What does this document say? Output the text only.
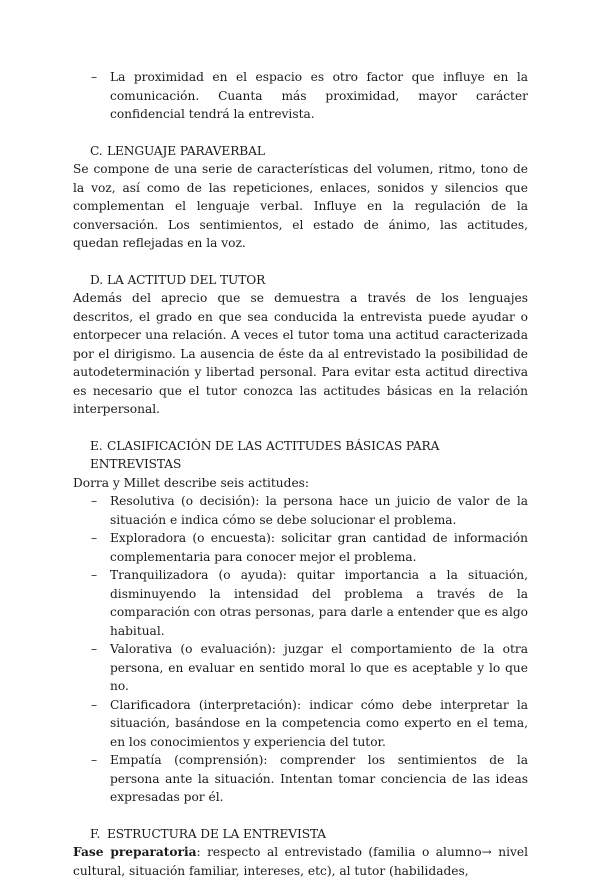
– La proximidad en el espacio es otro factor que influye en la comunicación. Cuanta más proximidad, mayor carácter confidencial tendrá la entrevista.
C. LENGUAJE PARAVERBAL

Se compone de una serie de características del volumen, ritmo, tono de la voz, así como de las repeticiones, enlaces, sonidos y silencios que complementan el lenguaje verbal. Influye en la regulación de la conversación. Los sentimientos, el estado de ánimo, las actitudes, quedan reflejadas en la voz.

D. LA ACTITUD DEL TUTOR

Además del aprecio que se demuestra a través de los lenguajes descritos, el grado en que sea conducida la entrevista puede ayudar o entorpecer una relación. A veces el tutor toma una actitud caracterizada por el dirigismo. La ausencia de éste da al entrevistado la posibilidad de autodeterminación y libertad personal. Para evitar esta actitud directiva es necesario que el tutor conozca las actitudes básicas en la relación interpersonal.

E. CLASIFICACIÓN DE LAS ACTITUDES BÁSICAS PARA ENTREVISTAS

Dorra y Millet describe seis actitudes:

– Resolutiva (o decisión): la persona hace un juicio de valor de la situación e indica cómo se debe solucionar el problema.
– Exploradora (o encuesta): solicitar gran cantidad de información complementaria para conocer mejor el problema.
– Tranquilizadora (o ayuda): quitar importancia a la situación, disminuyendo la intensidad del problema a través de la comparación con otras personas, para darle a entender que es algo habitual.
– Valorativa (o evaluación): juzgar el comportamiento de la otra persona, en evaluar en sentido moral lo que es aceptable y lo que no.
– Clarificadora (interpretación): indicar cómo debe interpretar la situación, basándose en la competencia como experto en el tema, en los conocimientos y experiencia del tutor.
– Empatía (comprensión): comprender los sentimientos de la persona ante la situación. Intentan tomar conciencia de las ideas expresadas por él.
F. ESTRUCTURA DE LA ENTREVISTA

Fase preparatoria: respecto al entrevistado (familia o alumno→ nivel cultural, situación familiar, intereses, etc), al tutor (habilidades,
